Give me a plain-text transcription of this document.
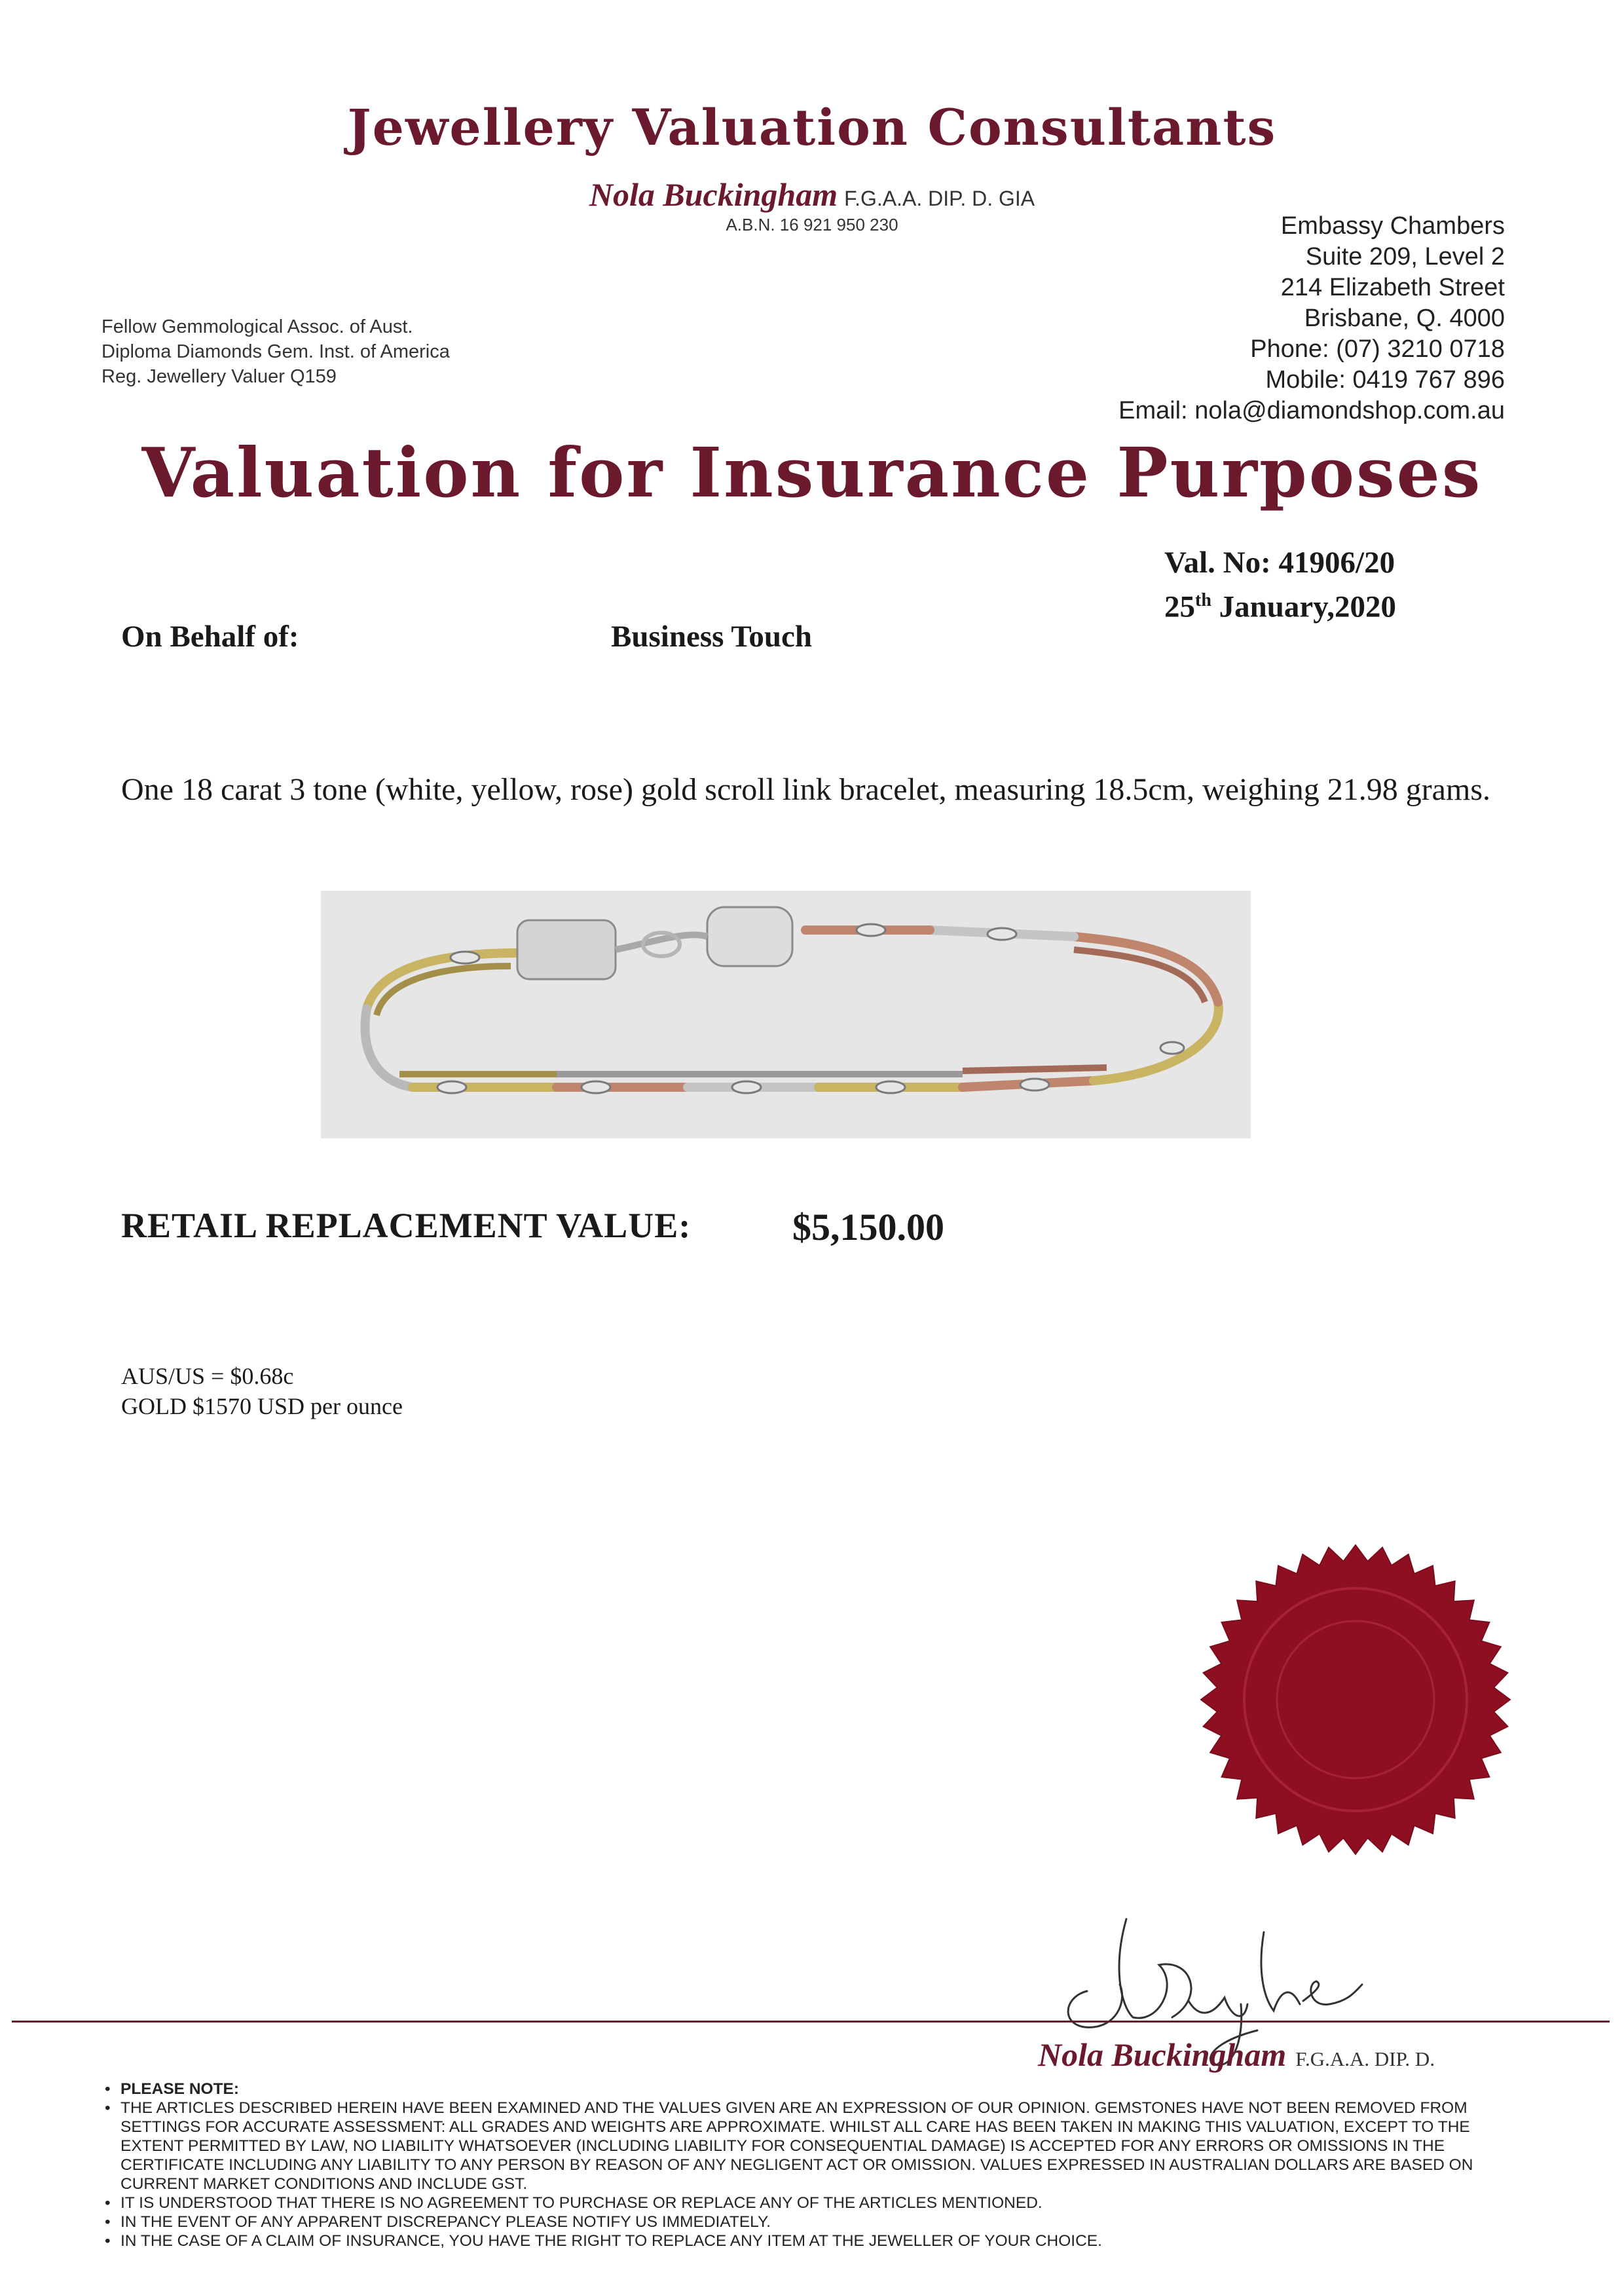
Jewellery Valuation Consultants
Nola Buckingham F.G.A.A. DIP. D. GIA
A.B.N. 16 921 950 230	Embassy Chambers
Suite 209, Level 2
214 Elizabeth Street
Brisbane, Q. 4000
Phone: (07) 3210 0718
Mobile: 0419 767 896
Email: nola@diamondshop.com.au
Fellow Gemmological Assoc. of Aust.
Diploma Diamonds Gem. Inst. of America
Reg. Jewellery Valuer Q159
Valuation for Insurance Purposes
Val. No: 41906/20
25th January,2020
On Behalf of:	Business Touch
One 18 carat 3 tone (white, yellow, rose) gold scroll link bracelet, measuring 18.5cm, weighing 21.98 grams.
RETAIL REPLACEMENT VALUE:	$5,150.00
AUS/US = $0.68c
GOLD $1570 USD per ounce
Nola Buckingham F.G.A.A. DIP. D.
• PLEASE NOTE:
• THE ARTICLES DESCRIBED HEREIN HAVE BEEN EXAMINED AND THE VALUES GIVEN ARE AN EXPRESSION OF OUR OPINION. GEMSTONES HAVE NOT BEEN REMOVED FROM SETTINGS FOR ACCURATE ASSESSMENT: ALL GRADES AND WEIGHTS ARE APPROXIMATE. WHILST ALL CARE HAS BEEN TAKEN IN MAKING THIS VALUATION, EXCEPT TO THE EXTENT PERMITTED BY LAW, NO LIABILITY WHATSOEVER (INCLUDING LIABILITY FOR CONSEQUENTIAL DAMAGE) IS ACCEPTED FOR ANY ERRORS OR OMISSIONS IN THE CERTIFICATE INCLUDING ANY LIABILITY TO ANY PERSON BY REASON OF ANY NEGLIGENT ACT OR OMISSION. VALUES EXPRESSED IN AUSTRALIAN DOLLARS ARE BASED ON CURRENT MARKET CONDITIONS AND INCLUDE GST.
• IT IS UNDERSTOOD THAT THERE IS NO AGREEMENT TO PURCHASE OR REPLACE ANY OF THE ARTICLES MENTIONED.
• IN THE EVENT OF ANY APPARENT DISCREPANCY PLEASE NOTIFY US IMMEDIATELY.
• IN THE CASE OF A CLAIM OF INSURANCE, YOU HAVE THE RIGHT TO REPLACE ANY ITEM AT THE JEWELLER OF YOUR CHOICE.
